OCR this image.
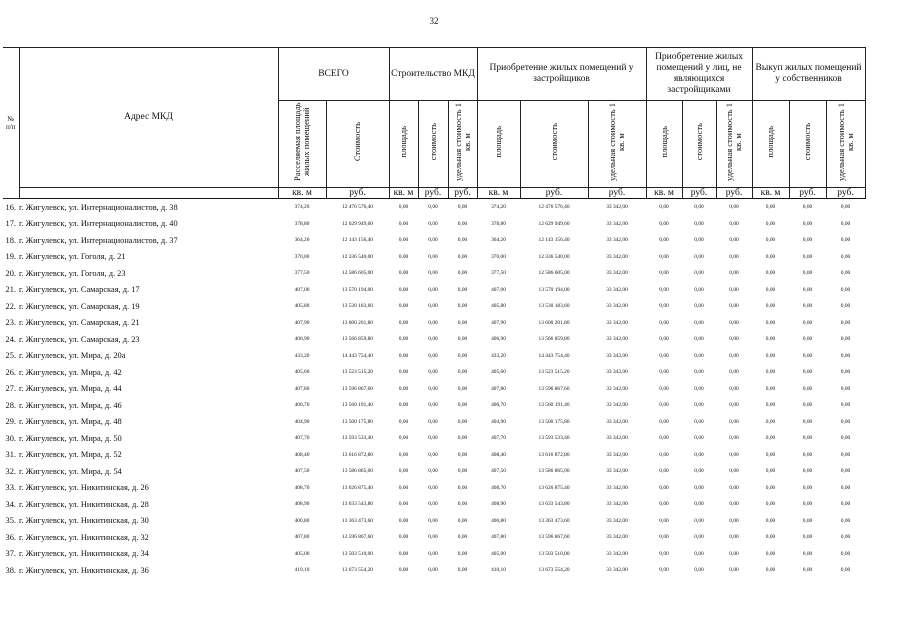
32
№ п/п	Адрес МКД	ВСЕГО		Строительство МКД			Приобретение жилых помещений у застройщиков			Приобретение жилых помещений у лиц, не являющихся застройщиками			Выкуп жилых помещений у собственников		
		Расселяемая площадь жилых помещений	Стоимость	площадь	стоимость	удельная стоимость 1 кв. м	площадь	стоимость	удельная стоимость 1 кв. м	площадь	стоимость	удельная стоимость 1 кв. м	площадь	стоимость	удельная стоимость 1 кв. м
		кв. м	руб.	кв. м	руб.	руб.	кв. м	руб.	руб.	кв. м	руб.	руб.	кв. м	руб.	руб.
16.	г. Жигулевск, ул. Интернационалистов, д. 38	374,20	12 476 576,40	0,00	0,00	0,00	374,20	12 476 576,40	33 342,00	0,00	0,00	0,00	0,00	0,00	0,00
17.	г. Жигулевск, ул. Интернационалистов, д. 40	378,80	12 629 949,60	0,00	0,00	0,00	378,80	12 629 949,60	33 342,00	0,00	0,00	0,00	0,00	0,00	0,00
18.	г. Жигулевск, ул. Интернационалистов, д. 37	364,20	12 143 156,40	0,00	0,00	0,00	364,20	12 143 156,40	33 342,00	0,00	0,00	0,00	0,00	0,00	0,00
19.	г. Жигулевск, ул. Гоголя, д. 21	370,00	12 336 540,00	0,00	0,00	0,00	370,00	12 336 540,00	33 342,00	0,00	0,00	0,00	0,00	0,00	0,00
20.	г. Жигулевск, ул. Гоголя, д. 23	377,50	12 586 605,00	0,00	0,00	0,00	377,50	12 586 605,00	33 342,00	0,00	0,00	0,00	0,00	0,00	0,00
21.	г. Жигулевск, ул. Самарская, д. 17	407,00	13 570 194,00	0,00	0,00	0,00	407,00	13 570 194,00	33 342,00	0,00	0,00	0,00	0,00	0,00	0,00
22.	г. Жигулевск, ул. Самарская, д. 19	405,80	13 530 183,60	0,00	0,00	0,00	405,80	13 530 183,60	33 342,00	0,00	0,00	0,00	0,00	0,00	0,00
23.	г. Жигулевск, ул. Самарская, д. 21	407,90	13 600 201,80	0,00	0,00	0,00	407,90	13 600 201,80	33 342,00	0,00	0,00	0,00	0,00	0,00	0,00
24.	г. Жигулевск, ул. Самарская, д. 23	406,90	13 566 859,80	0,00	0,00	0,00	406,90	13 566 859,80	33 342,00	0,00	0,00	0,00	0,00	0,00	0,00
25.	г. Жигулевск, ул. Мира, д. 20а	433,20	14 443 754,40	0,00	0,00	0,00	433,20	14 443 754,40	33 342,00	0,00	0,00	0,00	0,00	0,00	0,00
26.	г. Жигулевск, ул. Мира, д. 42	405,60	13 523 515,20	0,00	0,00	0,00	405,60	13 523 515,20	33 342,00	0,00	0,00	0,00	0,00	0,00	0,00
27.	г. Жигулевск, ул. Мира, д. 44	407,80	13 596 867,60	0,00	0,00	0,00	407,80	13 596 867,60	33 342,00	0,00	0,00	0,00	0,00	0,00	0,00
28.	г. Жигулевск, ул. Мира, д. 46	406,70	13 560 191,40	0,00	0,00	0,00	406,70	13 560 191,40	33 342,00	0,00	0,00	0,00	0,00	0,00	0,00
29.	г. Жигулевск, ул. Мира, д. 48	404,90	13 500 175,80	0,00	0,00	0,00	404,90	13 500 175,80	33 342,00	0,00	0,00	0,00	0,00	0,00	0,00
30.	г. Жигулевск, ул. Мира, д. 50	407,70	13 593 533,40	0,00	0,00	0,00	407,70	13 593 533,40	33 342,00	0,00	0,00	0,00	0,00	0,00	0,00
31.	г. Жигулевск, ул. Мира, д. 52	408,40	13 616 872,80	0,00	0,00	0,00	408,40	13 616 872,80	33 342,00	0,00	0,00	0,00	0,00	0,00	0,00
32.	г. Жигулевск, ул. Мира, д. 54	407,50	13 586 865,00	0,00	0,00	0,00	407,50	13 586 865,00	33 342,00	0,00	0,00	0,00	0,00	0,00	0,00
33.	г. Жигулевск, ул. Никитинская, д. 26	408,70	13 626 875,40	0,00	0,00	0,00	408,70	13 626 875,40	33 342,00	0,00	0,00	0,00	0,00	0,00	0,00
34.	г. Жигулевск, ул. Никитинская, д. 28	408,90	13 633 543,80	0,00	0,00	0,00	408,90	13 633 543,80	33 342,00	0,00	0,00	0,00	0,00	0,00	0,00
35.	г. Жигулевск, ул. Никитинская, д. 30	400,80	13 363 473,60	0,00	0,00	0,00	400,80	13 363 473,60	33 342,00	0,00	0,00	0,00	0,00	0,00	0,00
36.	г. Жигулевск, ул. Никитинская, д. 32	407,80	13 596 867,60	0,00	0,00	0,00	407,80	13 596 867,60	33 342,00	0,00	0,00	0,00	0,00	0,00	0,00
37.	г. Жигулевск, ул. Никитинская, д. 34	405,00	13 503 510,00	0,00	0,00	0,00	405,00	13 503 510,00	33 342,00	0,00	0,00	0,00	0,00	0,00	0,00
38.	г. Жигулевск, ул. Никитинская, д. 36	410,10	13 673 554,20	0,00	0,00	0,00	410,10	13 673 554,20	33 342,00	0,00	0,00	0,00	0,00	0,00	0,00
